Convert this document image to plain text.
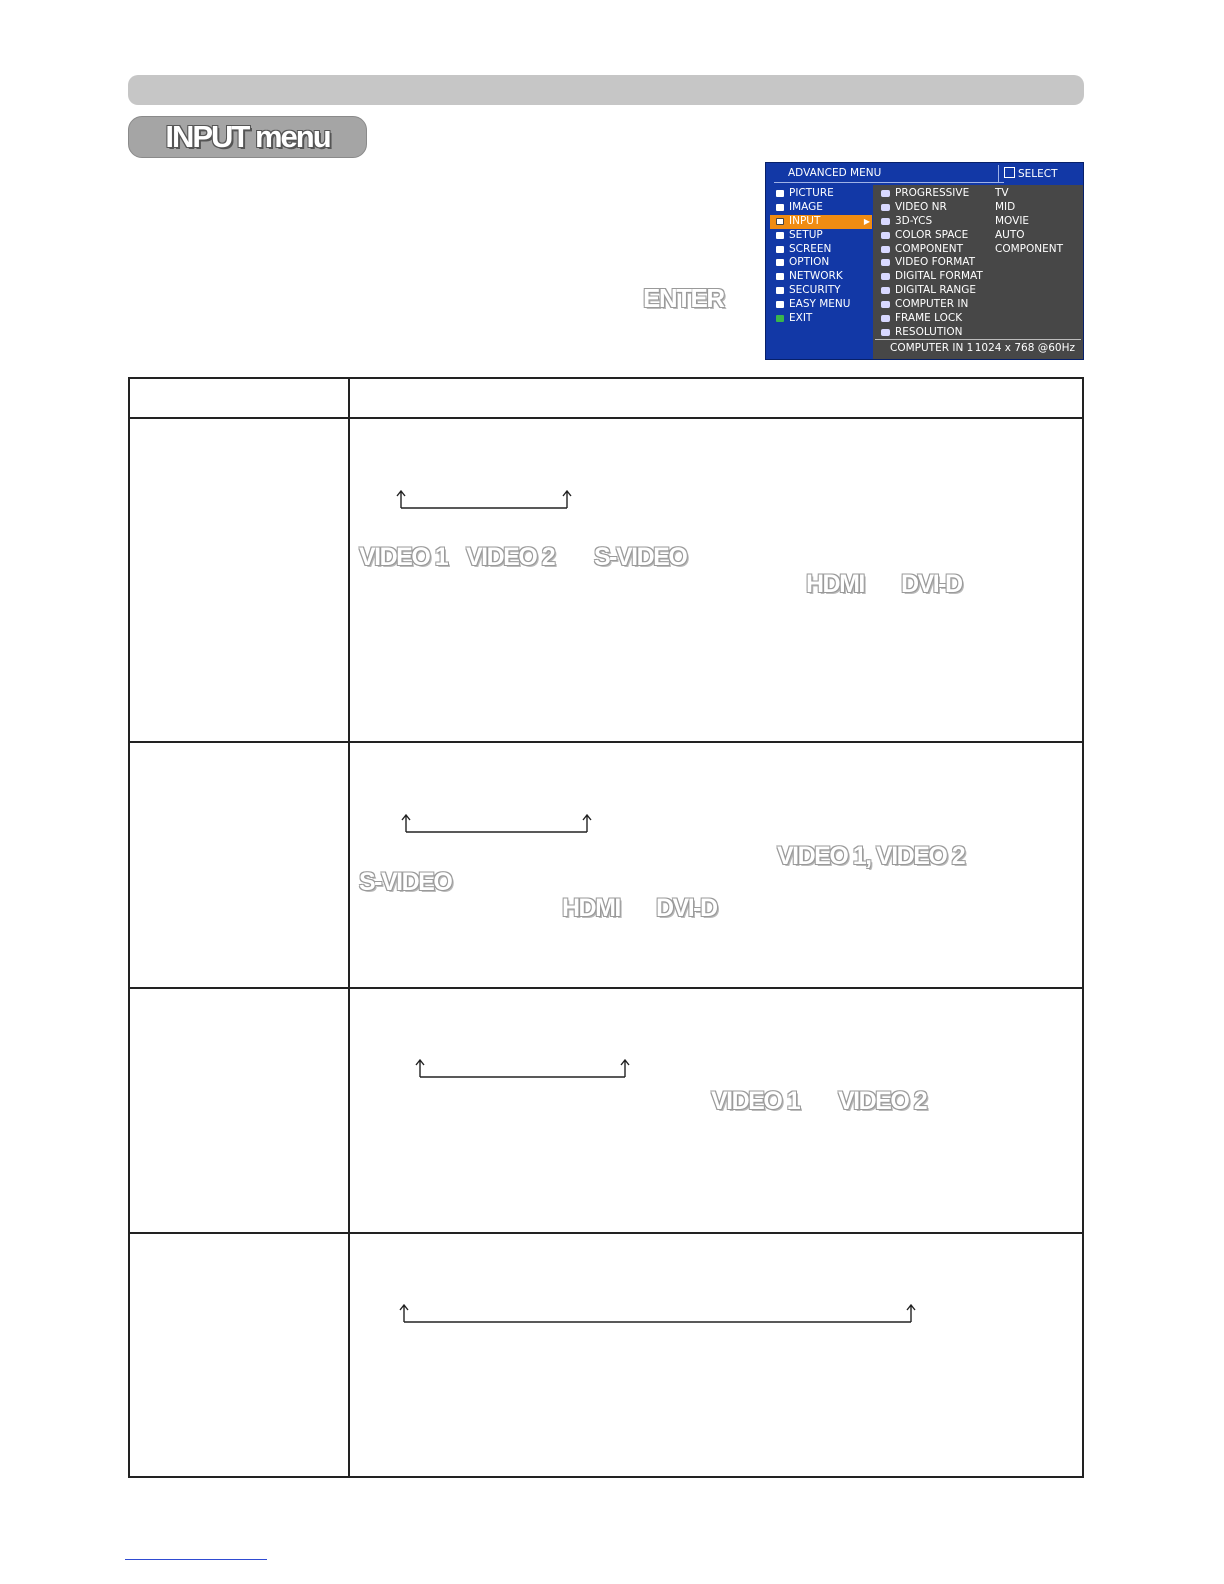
INPUT menu
ENTER
ADVANCED MENU	SELECT
PICTURE
IMAGE
INPUT	▶
SETUP
SCREEN
OPTION
NETWORK
SECURITY
EASY MENU
EXIT
PROGRESSIVE TV
VIDEO NR	MID
3D-YCS	MOVIE
COLOR SPACE	AUTO
COMPONENT	COMPONENT
VIDEO FORMAT
DIGITAL FORMAT
DIGITAL RANGE
COMPUTER IN
FRAME LOCK
RESOLUTION
COMPUTER IN 1 1024 x 768 @60Hz
VIDEO 1 VIDEO 2 S-VIDEO
HDMI DVI-D
VIDEO 1, VIDEO 2
S-VIDEO
HDMI DVI-D
VIDEO 1 VIDEO 2
